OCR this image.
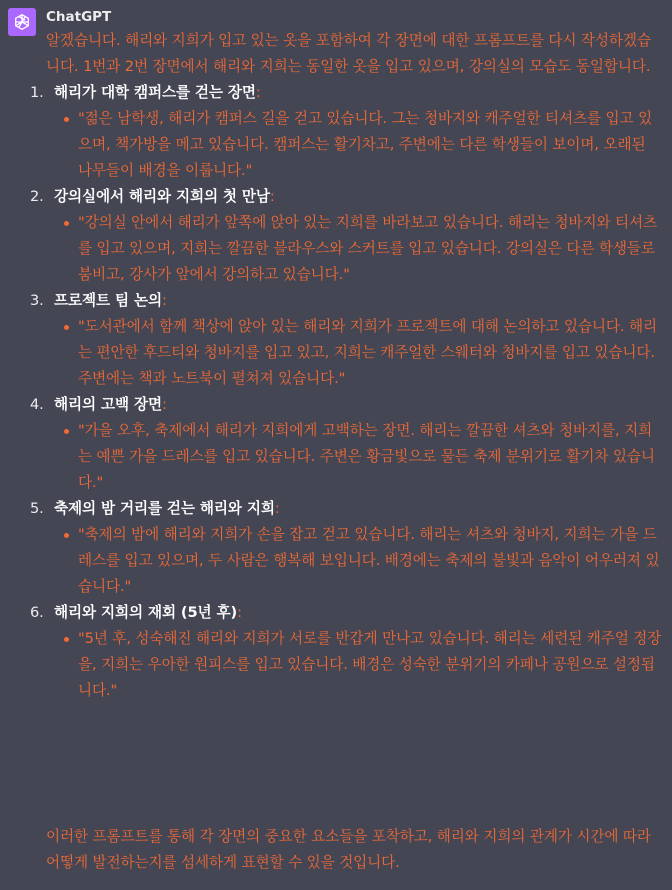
ChatGPT

알겠습니다. 해리와 지희가 입고 있는 옷을 포함하여 각 장면에 대한 프롬프트를 다시 작성하겠습니다. 1번과 2번 장면에서 해리와 지희는 동일한 옷을 입고 있으며, 강의실의 모습도 동일합니다.

1. 해리가 대학 캠퍼스를 걷는 장면:
"젊은 남학생, 해리가 캠퍼스 길을 걷고 있습니다. 그는 청바지와 캐주얼한 티셔츠를 입고 있으며, 책가방을 메고 있습니다. 캠퍼스는 활기차고, 주변에는 다른 학생들이 보이며, 오래된 나무들이 배경을 이룹니다."
2. 강의실에서 해리와 지희의 첫 만남:
"강의실 안에서 해리가 앞쪽에 앉아 있는 지희를 바라보고 있습니다. 해리는 청바지와 티셔츠를 입고 있으며, 지희는 깔끔한 블라우스와 스커트를 입고 있습니다. 강의실은 다른 학생들로 붐비고, 강사가 앞에서 강의하고 있습니다."
3. 프로젝트 팀 논의:
"도서관에서 함께 책상에 앉아 있는 해리와 지희가 프로젝트에 대해 논의하고 있습니다. 해리는 편안한 후드티와 청바지를 입고 있고, 지희는 캐주얼한 스웨터와 청바지를 입고 있습니다. 주변에는 책과 노트북이 펼쳐져 있습니다."
4. 해리의 고백 장면:
"가을 오후, 축제에서 해리가 지희에게 고백하는 장면. 해리는 깔끔한 셔츠와 청바지를, 지희는 예쁜 가을 드레스를 입고 있습니다. 주변은 황금빛으로 물든 축제 분위기로 활기차 있습니다."
5. 축제의 밤 거리를 걷는 해리와 지희:
"축제의 밤에 해리와 지희가 손을 잡고 걷고 있습니다. 해리는 셔츠와 청바지, 지희는 가을 드레스를 입고 있으며, 두 사람은 행복해 보입니다. 배경에는 축제의 불빛과 음악이 어우러져 있습니다."
6. 해리와 지희의 재회 (5년 후):
"5년 후, 성숙해진 해리와 지희가 서로를 반갑게 만나고 있습니다. 해리는 세련된 캐주얼 정장을, 지희는 우아한 원피스를 입고 있습니다. 배경은 성숙한 분위기의 카페나 공원으로 설정됩니다."

이러한 프롬프트를 통해 각 장면의 중요한 요소들을 포착하고, 해리와 지희의 관계가 시간에 따라 어떻게 발전하는지를 섬세하게 표현할 수 있을 것입니다.
